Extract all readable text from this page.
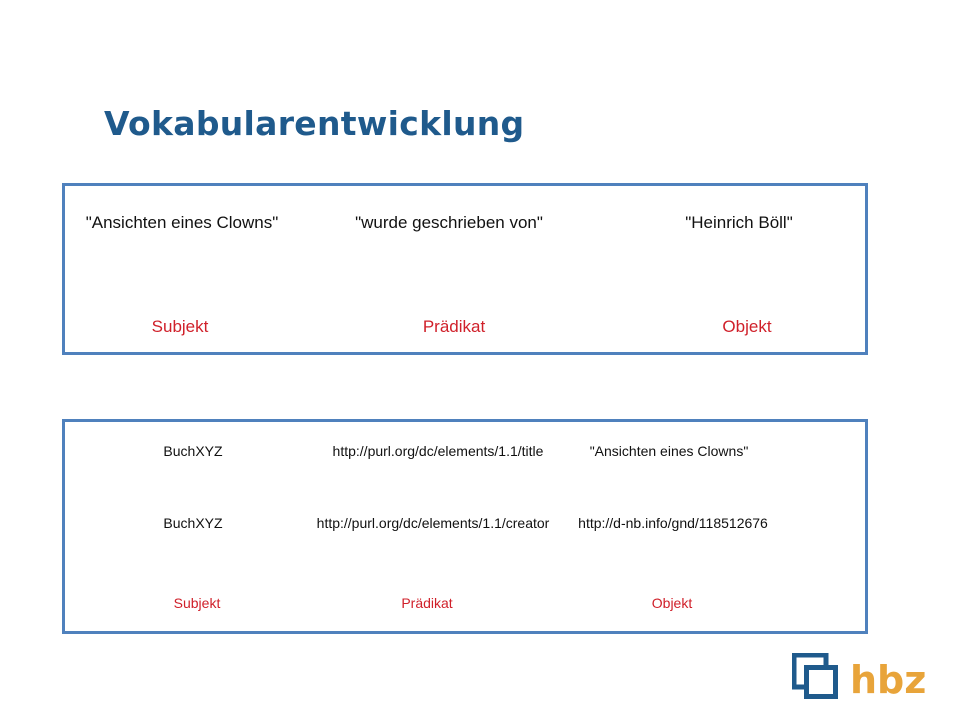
Vokabularentwicklung
"Ansichten eines Clowns"	"wurde geschrieben von"	"Heinrich Böll"
Subjekt	Prädikat	Objekt
BuchXYZ	http://purl.org/dc/elements/1.1/title	"Ansichten eines Clowns"
BuchXYZ	http://purl.org/dc/elements/1.1/creator http://d-nb.info/gnd/118512676
Subjekt	Prädikat	Objekt
hbz
